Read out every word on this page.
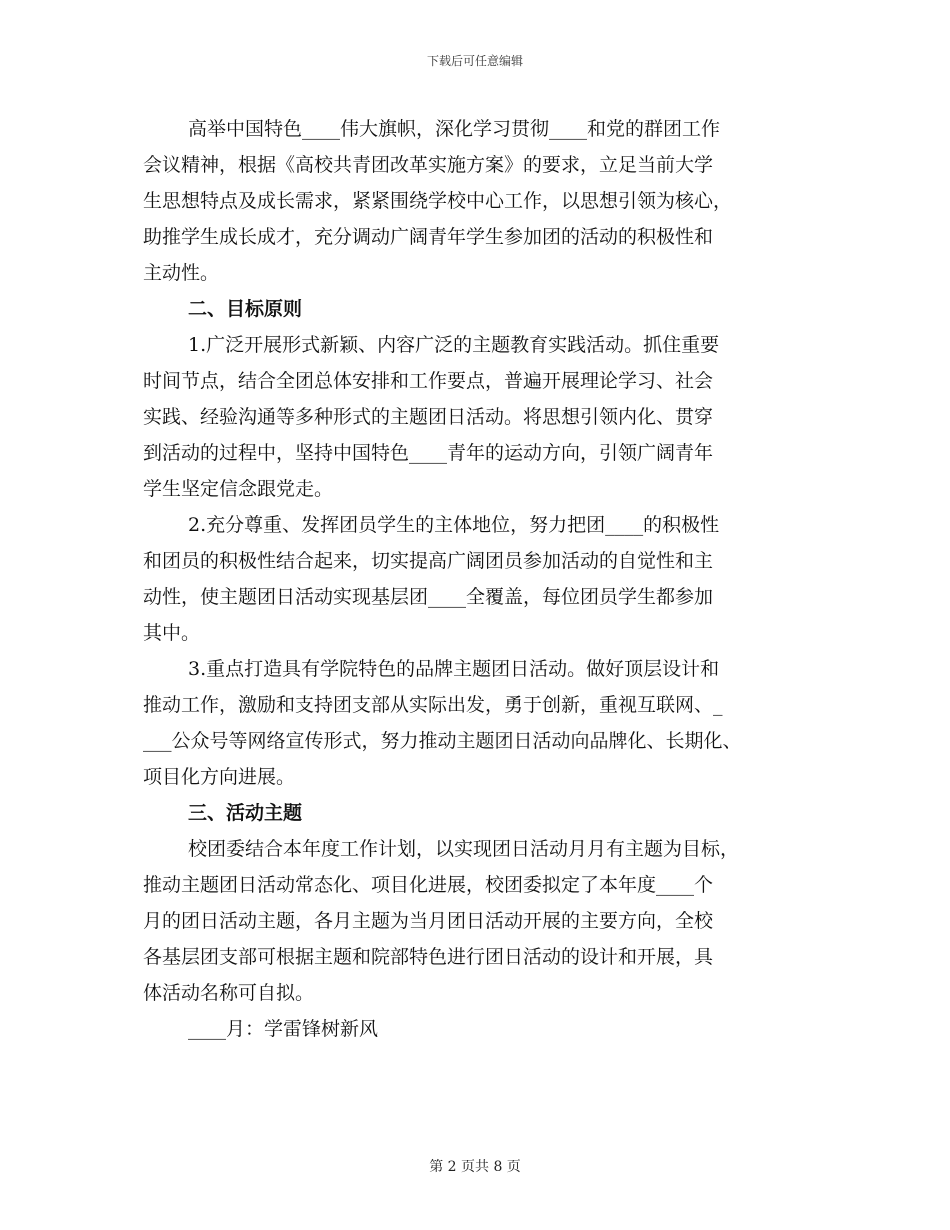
下载后可任意编辑
高举中国特色____伟大旗帜，深化学习贯彻____和党的群团工作
会议精神，根据《高校共青团改革实施方案》的要求，立足当前大学
生思想特点及成长需求，紧紧围绕学校中心工作，以思想引领为核心，
助推学生成长成才，充分调动广阔青年学生参加团的活动的积极性和
主动性。
二、目标原则
1.广泛开展形式新颖、内容广泛的主题教育实践活动。抓住重要
时间节点，结合全团总体安排和工作要点，普遍开展理论学习、社会
实践、经验沟通等多种形式的主题团日活动。将思想引领内化、贯穿
到活动的过程中，坚持中国特色____青年的运动方向，引领广阔青年
学生坚定信念跟党走。
2.充分尊重、发挥团员学生的主体地位，努力把团____的积极性
和团员的积极性结合起来，切实提高广阔团员参加活动的自觉性和主
动性，使主题团日活动实现基层团____全覆盖，每位团员学生都参加
其中。
3.重点打造具有学院特色的品牌主题团日活动。做好顶层设计和
推动工作，激励和支持团支部从实际出发，勇于创新，重视互联网、_
___公众号等网络宣传形式，努力推动主题团日活动向品牌化、长期化、
项目化方向进展。
三、活动主题
校团委结合本年度工作计划，以实现团日活动月月有主题为目标，
推动主题团日活动常态化、项目化进展，校团委拟定了本年度____个
月的团日活动主题，各月主题为当月团日活动开展的主要方向，全校
各基层团支部可根据主题和院部特色进行团日活动的设计和开展，具
体活动名称可自拟。
____月：学雷锋树新风
第 2 页共 8 页
